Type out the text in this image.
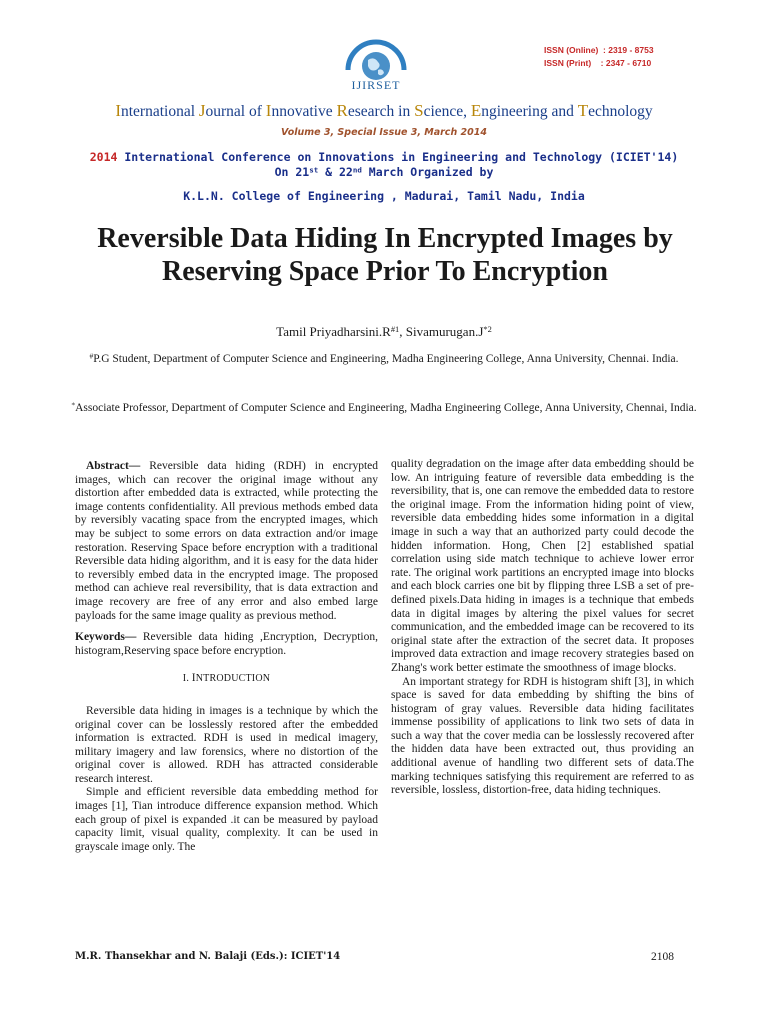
IJIRSET
ISSN (Online)  : 2319 - 8753
ISSN (Print)    : 2347 - 6710
International Journal of Innovative Research in Science, Engineering and Technology
Volume 3, Special Issue 3, March 2014
2014 International Conference on Innovations in Engineering and Technology (ICIET'14)
On 21st & 22nd March Organized by
K.L.N. College of Engineering , Madurai, Tamil Nadu, India
Reversible Data Hiding In Encrypted Images by Reserving Space Prior To Encryption
Tamil $Priyadharsini.R^{\#1}$, $Sivamurugan.J^{*2}$
#P.G Student, Department of Computer Science and Engineering, Madha Engineering College, Anna University, Chennai. India.
*Associate Professor, Department of Computer Science and Engineering, Madha Engineering College, Anna University, Chennai, India.

Abstract— Reversible data hiding (RDH) in encrypted images, which can recover the original image without any distortion after embedded data is extracted, while protecting the image contents confidentiality. All previous methods embed data by reversibly vacating space from the encrypted images, which may be subject to some errors on data extraction and/or image restoration. Reserving Space before encryption with a traditional Reversible data hiding algorithm, and it is easy for the data hider to reversibly embed data in the encrypted image. The proposed method can achieve real reversibility, that is data extraction and image recovery are free of any error and also embed large payloads for the same image quality as previous method.

Keywords— Reversible data hiding ,Encryption, Decryption, histogram,Reserving space before encryption.

I. INTRODUCTION

Reversible data hiding in images is a technique by which the original cover can be losslessly restored after the embedded information is extracted. RDH is used in medical imagery, military imagery and law forensics, where no distortion of the original cover is allowed. RDH has attracted considerable research interest.

Simple and efficient reversible data embedding method for images [1], Tian introduce difference expansion method. Which each group of pixel is expanded .it can be measured by payload capacity limit, visual quality, complexity. It can be used in grayscale image only. The

quality degradation on the image after data embedding should be low. An intriguing feature of reversible data embedding is the reversibility, that is, one can remove the embedded data to restore the original image. From the information hiding point of view, reversible data embedding hides some information in a digital image in such a way that an authorized party could decode the hidden information. Hong, Chen [2] established spatial correlation using side match technique to achieve lower error rate. The original work partitions an encrypted image into blocks and each block carries one bit by flipping three LSB a set of pre-defined pixels.Data hiding in images is a technique that embeds data in digital images by altering the pixel values for secret communication, and the embedded image can be recovered to its original state after the extraction of the secret data. It proposes improved data extraction and image recovery strategies based on Zhang's work better estimate the smoothness of image blocks.

An important strategy for RDH is histogram shift [3], in which space is saved for data embedding by shifting the bins of histogram of gray values. Reversible data hiding facilitates immense possibility of applications to link two sets of data in such a way that the cover media can be losslessly recovered after the hidden data have been extracted out, thus providing an additional avenue of handling two different sets of data.The marking techniques satisfying this requirement are referred to as reversible, lossless, distortion-free, data hiding techniques.

M.R. Thansekhar and N. Balaji (Eds.): ICIET'14	2108
